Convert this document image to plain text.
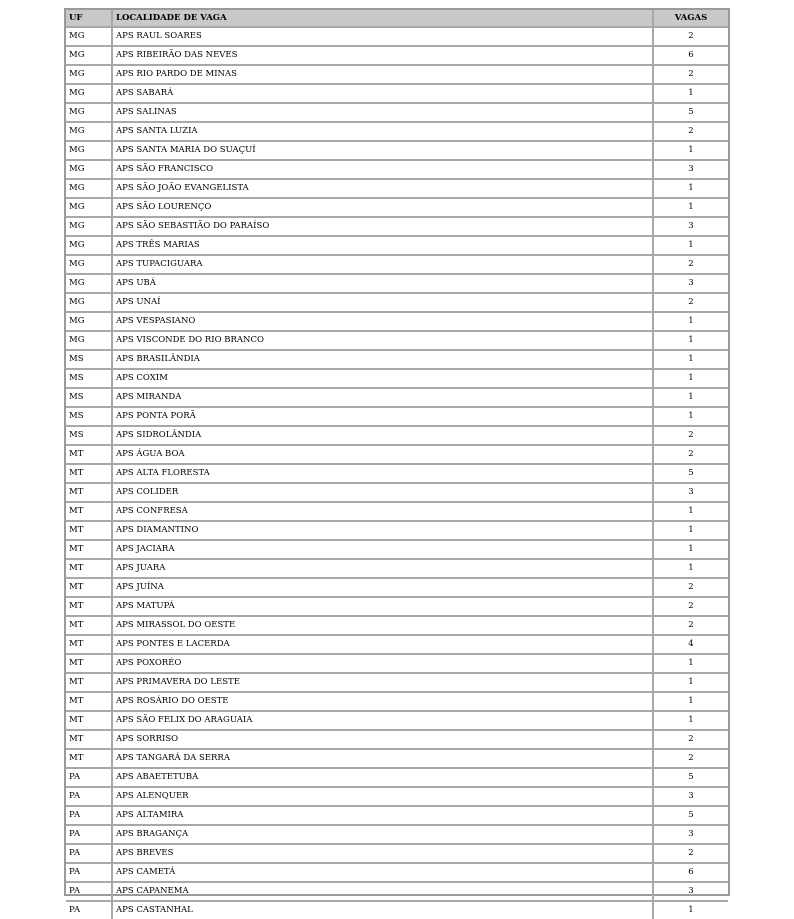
UF	LOCALIDADE DE VAGA	VAGAS
MG	APS RAUL SOARES	2
MG	APS RIBEIRÃO DAS NEVES	6
MG	APS RIO PARDO DE MINAS	2
MG	APS SABARÁ	1
MG	APS SALINAS	5
MG	APS SANTA LUZIA	2
MG	APS SANTA MARIA DO SUAÇUÍ	1
MG	APS SÃO FRANCISCO	3
MG	APS SÃO JOÃO EVANGELISTA	1
MG	APS SÃO LOURENÇO	1
MG	APS SÃO SEBASTIÃO DO PARAÍSO	3
MG	APS TRÊS MARIAS	1
MG	APS TUPACIGUARA	2
MG	APS UBÁ	3
MG	APS UNAÍ	2
MG	APS VESPASIANO	1
MG	APS VISCONDE DO RIO BRANCO	1
MS	APS BRASILÂNDIA	1
MS	APS COXIM	1
MS	APS MIRANDA	1
MS	APS PONTA PORÃ	1
MS	APS SIDROLÂNDIA	2
MT	APS ÁGUA BOA	2
MT	APS ALTA FLORESTA	5
MT	APS COLIDER	3
MT	APS CONFRESA	1
MT	APS DIAMANTINO	1
MT	APS JACIARA	1
MT	APS JUARA	1
MT	APS JUÍNA	2
MT	APS MATUPÁ	2
MT	APS MIRASSOL DO OESTE	2
MT	APS PONTES E LACERDA	4
MT	APS POXORÉO	1
MT	APS PRIMAVERA DO LESTE	1
MT	APS ROSÁRIO DO OESTE	1
MT	APS SÃO FELIX DO ARAGUAIA	1
MT	APS SORRISO	2
MT	APS TANGARÁ DA SERRA	2
PA	APS ABAETETUBA	5
PA	APS ALENQUER	3
PA	APS ALTAMIRA	5
PA	APS BRAGANÇA	3
PA	APS BREVES	2
PA	APS CAMETÁ	6
PA	APS CAPANEMA	3
PA	APS CASTANHAL	1
